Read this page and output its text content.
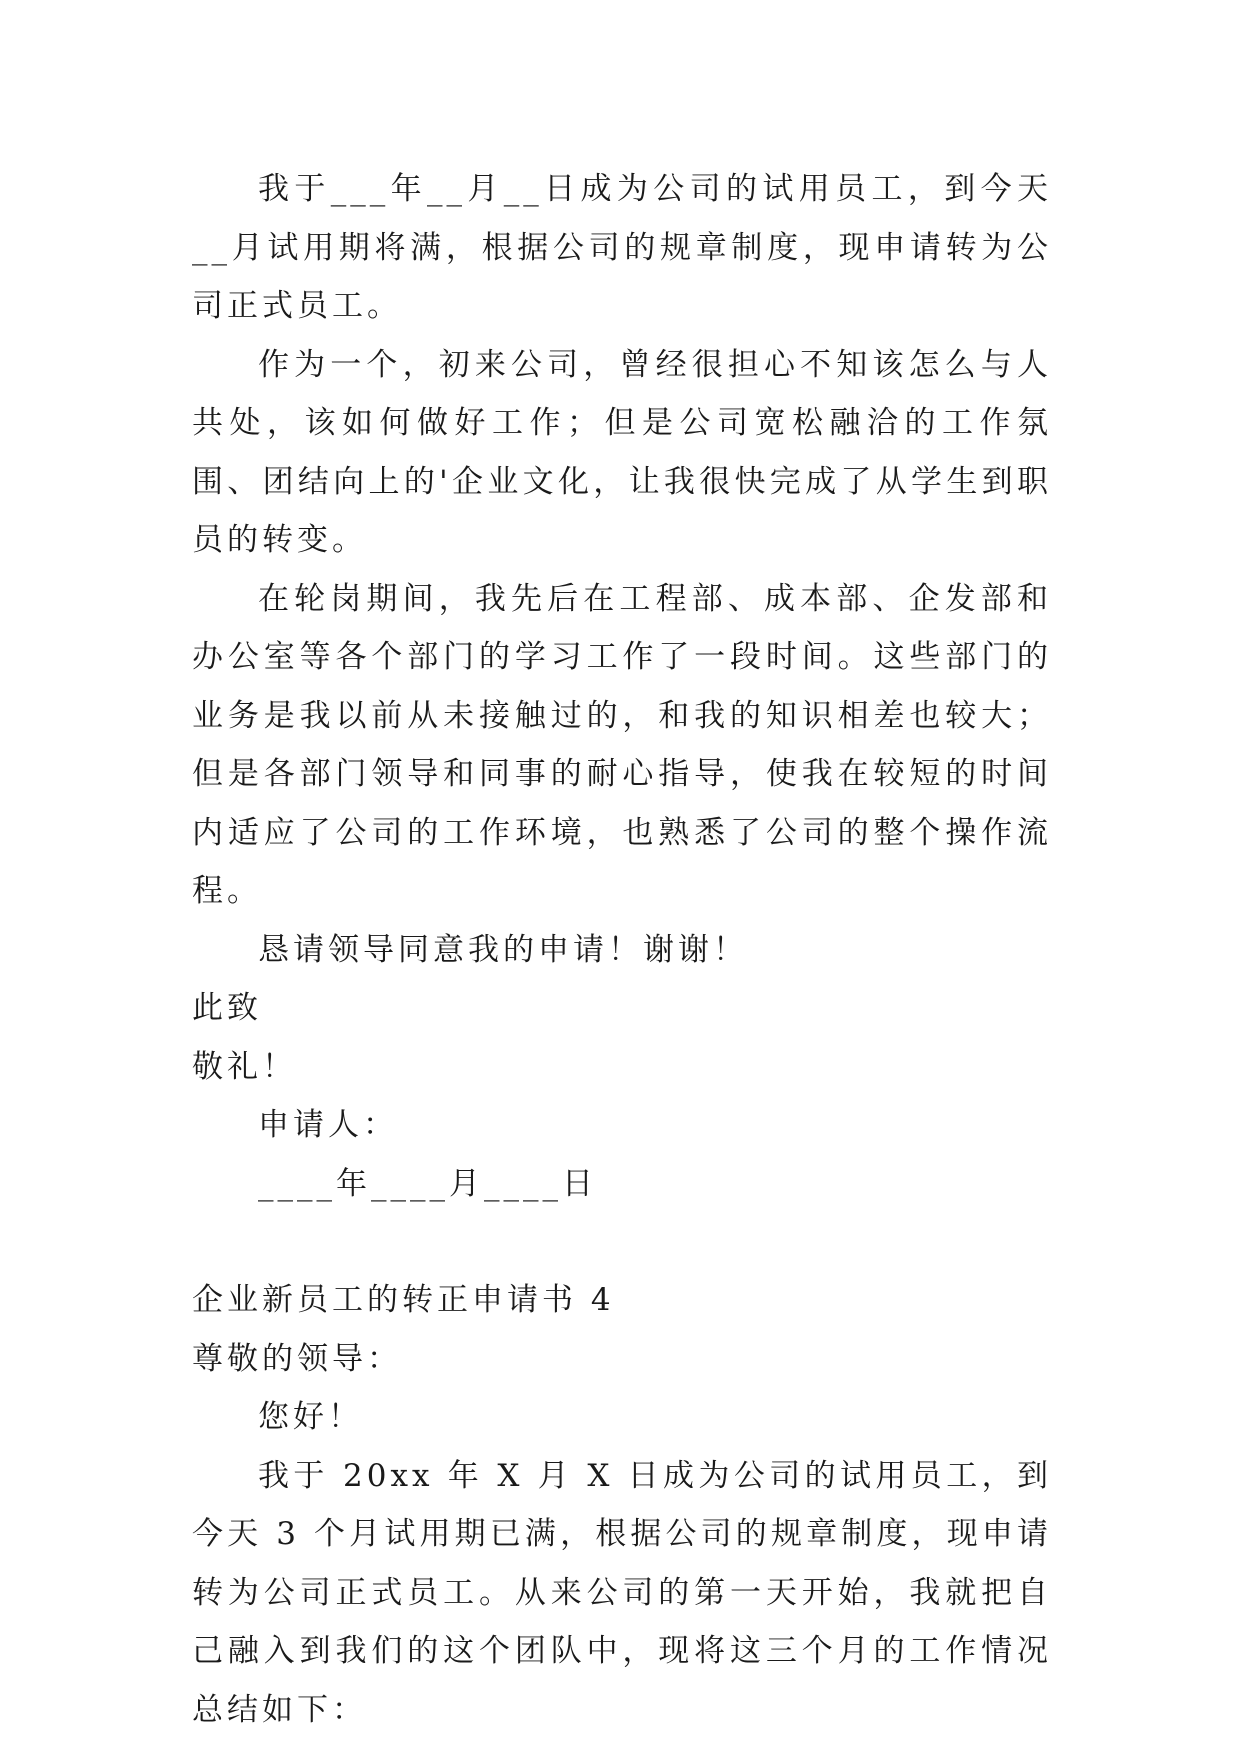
我于___年__月__日成为公司的试用员工，到今天__月试用期将满，根据公司的规章制度，现申请转为公司正式员工。

作为一个，初来公司，曾经很担心不知该怎么与人共处，该如何做好工作；但是公司宽松融洽的工作氛围、团结向上的'企业文化，让我很快完成了从学生到职员的转变。

在轮岗期间，我先后在工程部、成本部、企发部和办公室等各个部门的学习工作了一段时间。这些部门的业务是我以前从未接触过的，和我的知识相差也较大；但是各部门领导和同事的耐心指导，使我在较短的时间内适应了公司的工作环境，也熟悉了公司的整个操作流程。

恳请领导同意我的申请！谢谢！

此致

敬礼！

申请人：

____年____月____日

企业新员工的转正申请书 4

尊敬的领导：

您好！

我于 20xx 年 X 月 X 日成为公司的试用员工，到今天 3 个月试用期已满，根据公司的规章制度，现申请转为公司正式员工。从来公司的第一天开始，我就把自己融入到我们的这个团队中，现将这三个月的工作情况总结如下：
